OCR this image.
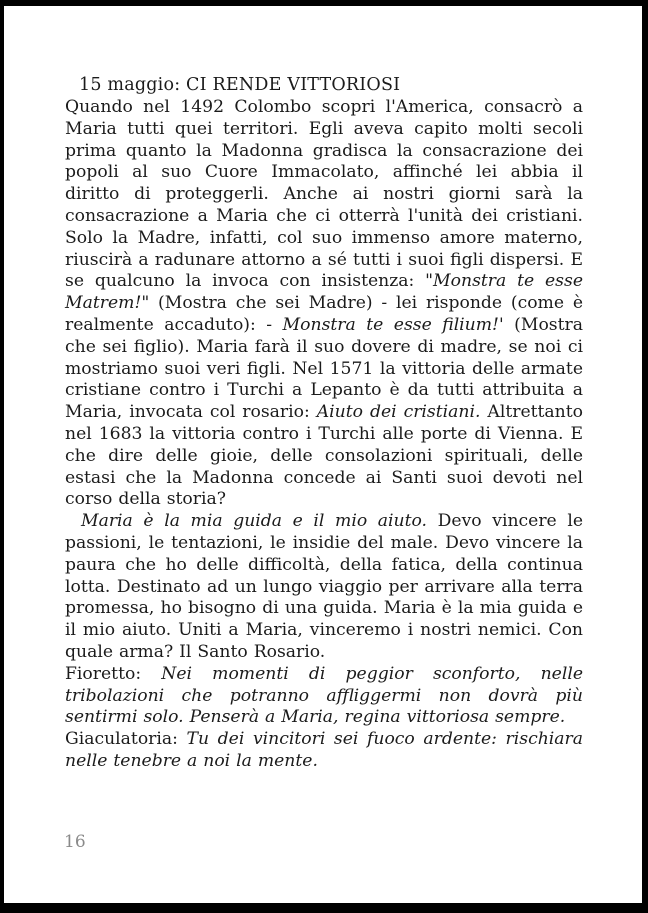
15 maggio: CI RENDE VITTORIOSI

Quando nel 1492 Colombo scopri l'America, consacrò a Maria tutti quei territori. Egli aveva capito molti secoli prima quanto la Madonna gradisca la consacrazione dei popoli al suo Cuore Immacolato, affinché lei abbia il diritto di proteggerli. Anche ai nostri giorni sarà la consacrazione a Maria che ci otterrà l'unità dei cristiani. Solo la Madre, infatti, col suo immenso amore materno, riuscirà a radunare attorno a sé tutti i suoi figli dispersi. E se qualcuno la invoca con insistenza: "Monstra te esse Matrem!" (Mostra che sei Madre) - lei risponde (come è realmente accaduto): - Monstra te esse filium!' (Mostra che sei figlio). Maria farà il suo dovere di madre, se noi ci mostriamo suoi veri figli. Nel 1571 la vittoria delle armate cristiane contro i Turchi a Lepanto è da tutti attribuita a Maria, invocata col rosario: Aiuto dei cristiani. Altrettanto nel 1683 la vittoria contro i Turchi alle porte di Vienna. E che dire delle gioie, delle consolazioni spirituali, delle estasi che la Madonna concede ai Santi suoi devoti nel corso della storia?

Maria è la mia guida e il mio aiuto. Devo vincere le passioni, le tentazioni, le insidie del male. Devo vincere la paura che ho delle difficoltà, della fatica, della continua lotta. Destinato ad un lungo viaggio per arrivare alla terra promessa, ho bisogno di una guida. Maria è la mia guida e il mio aiuto. Uniti a Maria, vinceremo i nostri nemici. Con quale arma? Il Santo Rosario.

Fioretto: Nei momenti di peggior sconforto, nelle tribolazioni che potranno affliggermi non dovrà più sentirmi solo. Penserà a Maria, regina vittoriosa sempre.

Giaculatoria: Tu dei vincitori sei fuoco ardente: rischiara nelle tenebre a noi la mente.

16
